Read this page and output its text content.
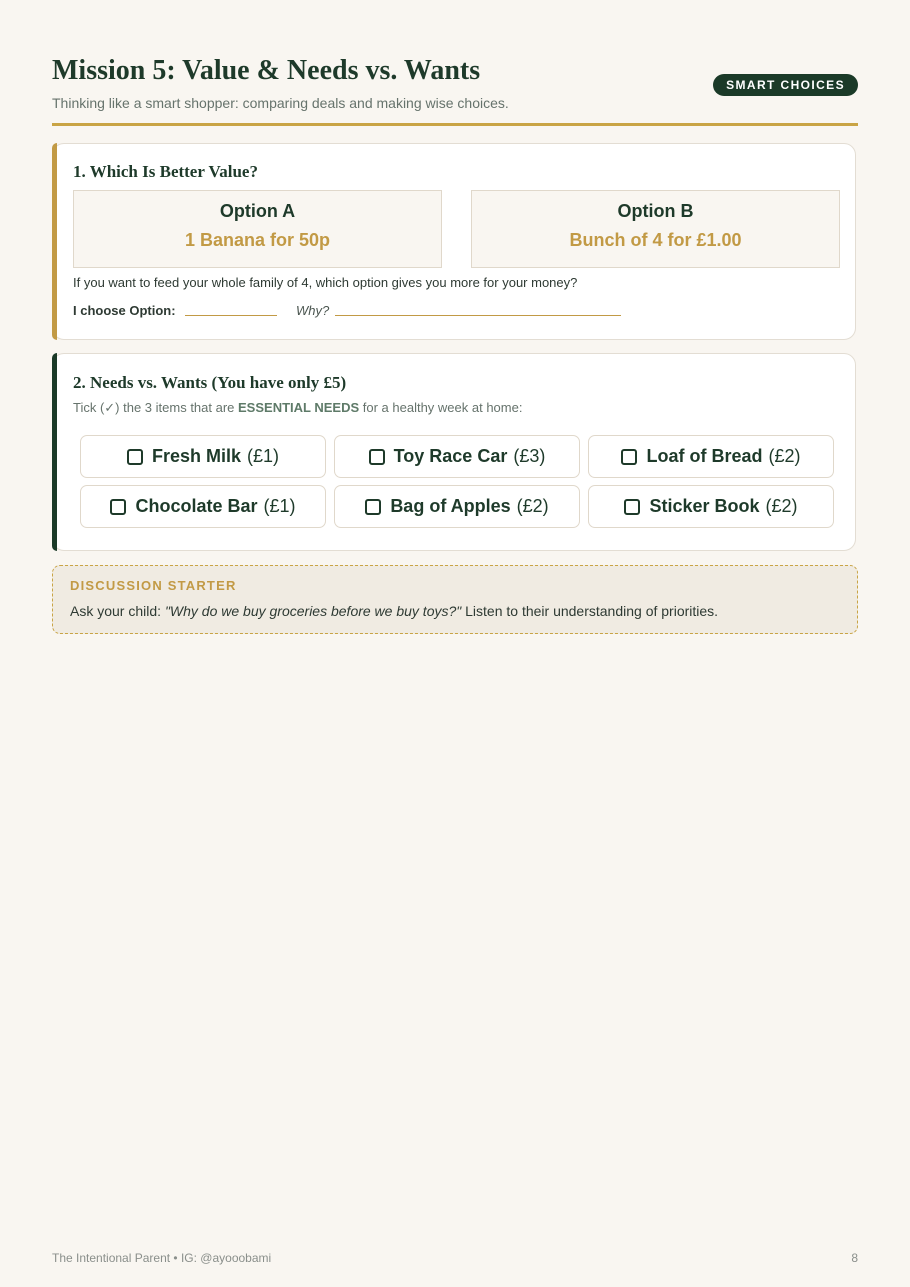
Mission 5: Value & Needs vs. Wants
Thinking like a smart shopper: comparing deals and making wise choices.
SMART CHOICES
1. Which Is Better Value?
Option A
1 Banana for 50p
Option B
Bunch of 4 for £1.00
If you want to feed your whole family of 4, which option gives you more for your money?
I choose Option:	Why?
2. Needs vs. Wants (You have only £5)
Tick (✓) the 3 items that are ESSENTIAL NEEDS for a healthy week at home:
Fresh Milk (£1)	Toy Race Car (£3)	Loaf of Bread (£2)
Chocolate Bar (£1)	Bag of Apples (£2)	Sticker Book (£2)
DISCUSSION STARTER
Ask your child: "Why do we buy groceries before we buy toys?" Listen to their understanding of priorities.
The Intentional Parent • IG: @ayooobami	8
